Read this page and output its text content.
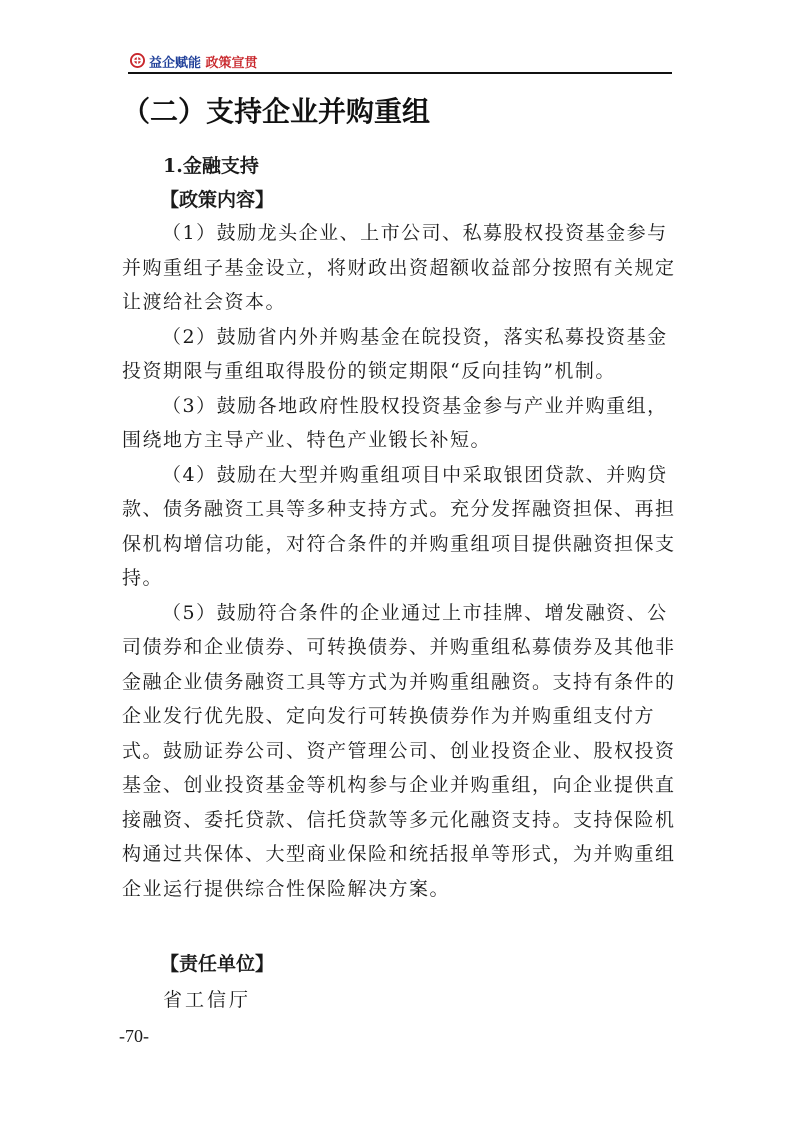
益企赋能 政策宣贯
（二）支持企业并购重组
1.金融支持
【政策内容】

（1）鼓励龙头企业、上市公司、私募股权投资基金参与并购重组子基金设立，将财政出资超额收益部分按照有关规定让渡给社会资本。

（2）鼓励省内外并购基金在皖投资，落实私募投资基金投资期限与重组取得股份的锁定期限“反向挂钩”机制。

（3）鼓励各地政府性股权投资基金参与产业并购重组，围绕地方主导产业、特色产业锻长补短。

（4）鼓励在大型并购重组项目中采取银团贷款、并购贷款、债务融资工具等多种支持方式。充分发挥融资担保、再担保机构增信功能，对符合条件的并购重组项目提供融资担保支持。

（5）鼓励符合条件的企业通过上市挂牌、增发融资、公司债券和企业债券、可转换债券、并购重组私募债券及其他非金融企业债务融资工具等方式为并购重组融资。支持有条件的企业发行优先股、定向发行可转换债券作为并购重组支付方式。鼓励证券公司、资产管理公司、创业投资企业、股权投资基金、创业投资基金等机构参与企业并购重组，向企业提供直接融资、委托贷款、信托贷款等多元化融资支持。支持保险机构通过共保体、大型商业保险和统括报单等形式，为并购重组企业运行提供综合性保险解决方案。

【责任单位】
省工信厅
-70-
